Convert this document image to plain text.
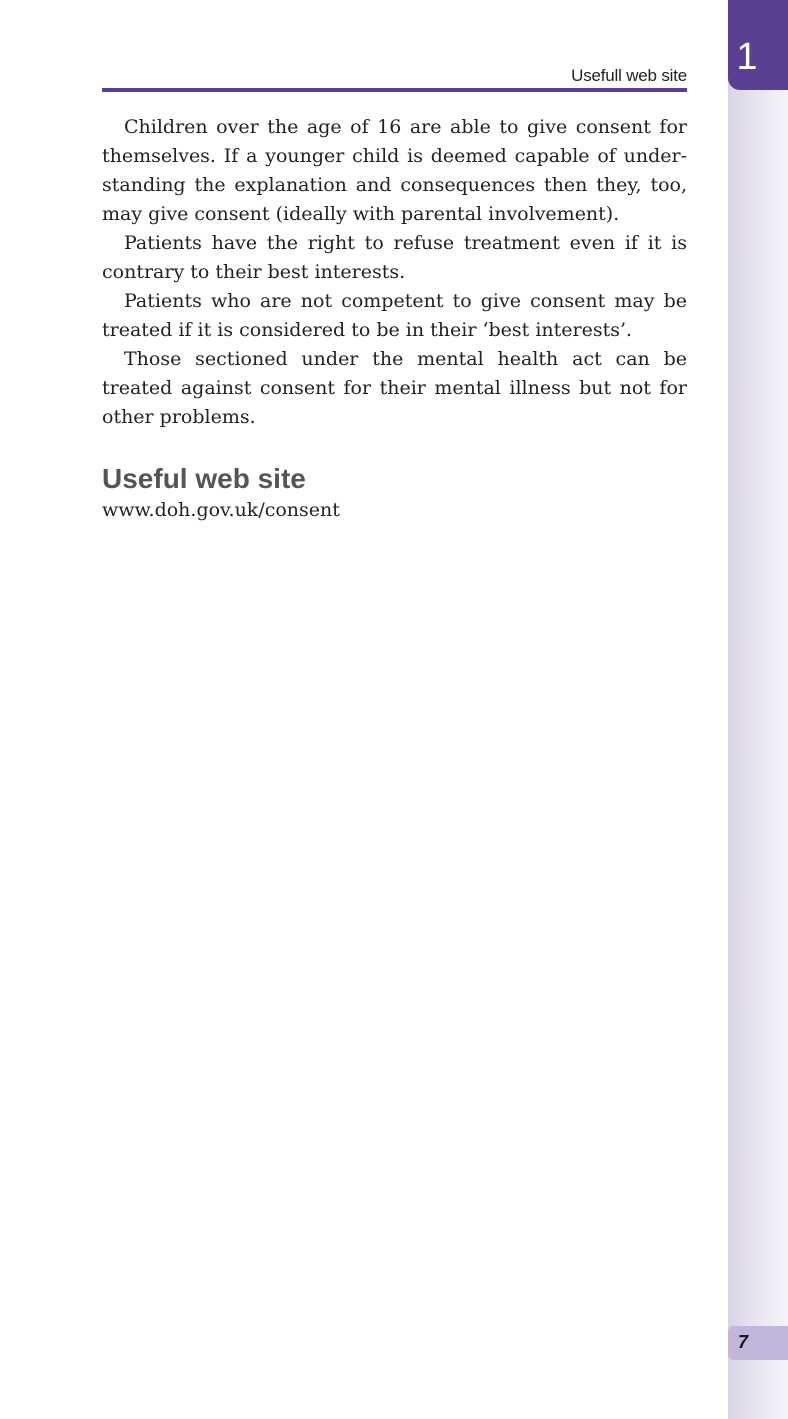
1
Usefull web site

Children over the age of 16 are able to give consent for themselves. If a younger child is deemed capable of under-standing the explanation and consequences then they, too, may give consent (ideally with parental involvement).

Patients have the right to refuse treatment even if it is contrary to their best interests.

Patients who are not competent to give consent may be treated if it is considered to be in their ‘best interests’.

Those sectioned under the mental health act can be treated against consent for their mental illness but not for other problems.

Useful web site

www.doh.gov.uk/consent

7
